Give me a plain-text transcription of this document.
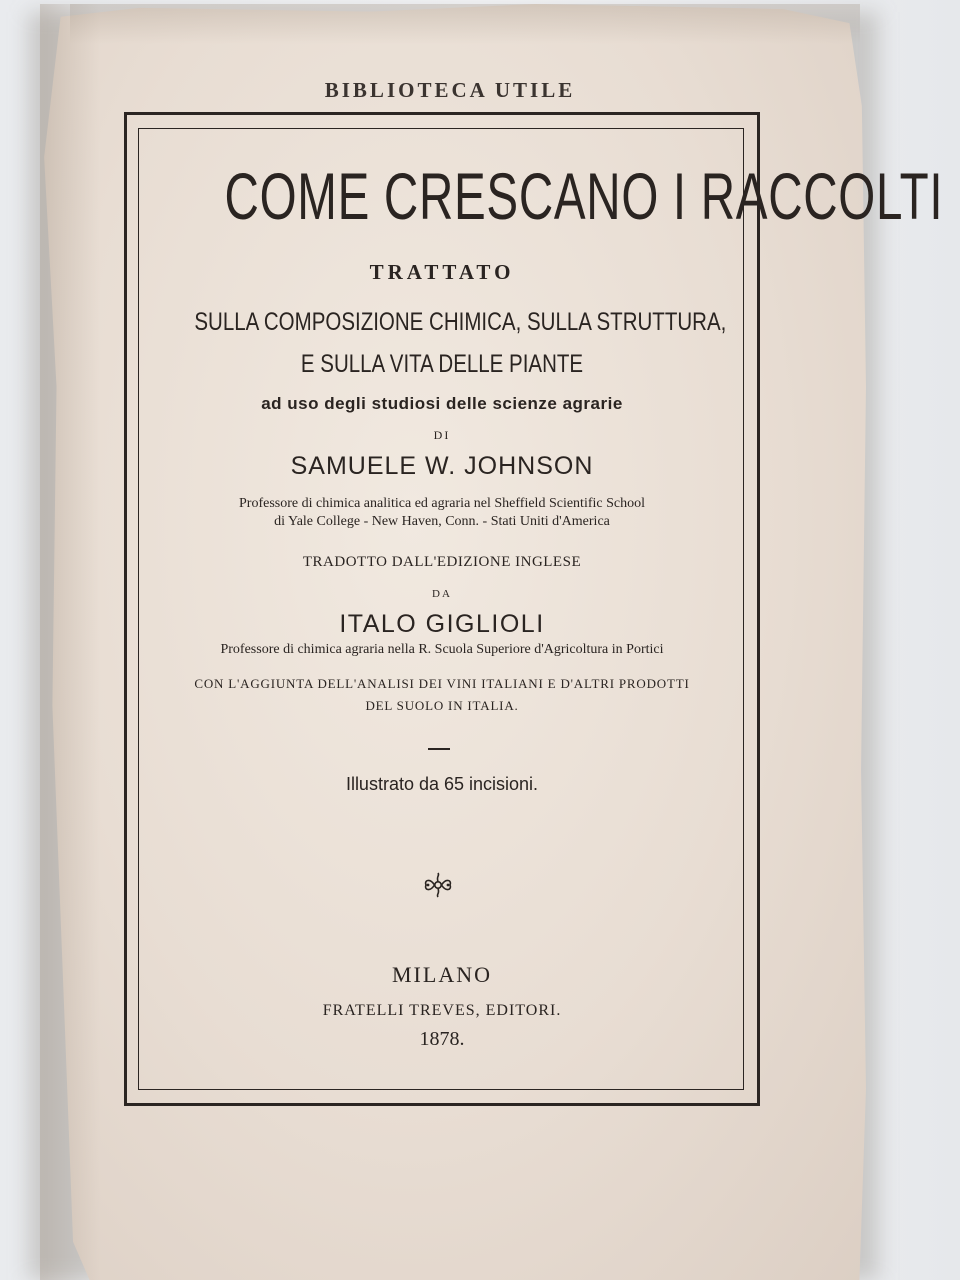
BIBLIOTECA UTILE
COME CRESCANO I RACCOLTI
TRATTATO
SULLA COMPOSIZIONE CHIMICA, SULLA STRUTTURA,
E SULLA VITA DELLE PIANTE
ad uso degli studiosi delle scienze agrarie
DI
SAMUELE W. JOHNSON
Professore di chimica analitica ed agraria nel Sheffield Scientific School
di Yale College - New Haven, Conn. - Stati Uniti d'America
TRADOTTO DALL'EDIZIONE INGLESE
DA
ITALO GIGLIOLI
Professore di chimica agraria nella R. Scuola Superiore d'Agricoltura in Portici
CON L'AGGIUNTA DELL'ANALISI DEI VINI ITALIANI E D'ALTRI PRODOTTI
DEL SUOLO IN ITALIA.
Illustrato da 65 incisioni.
MILANO
FRATELLI TREVES, EDITORI.
1878.
